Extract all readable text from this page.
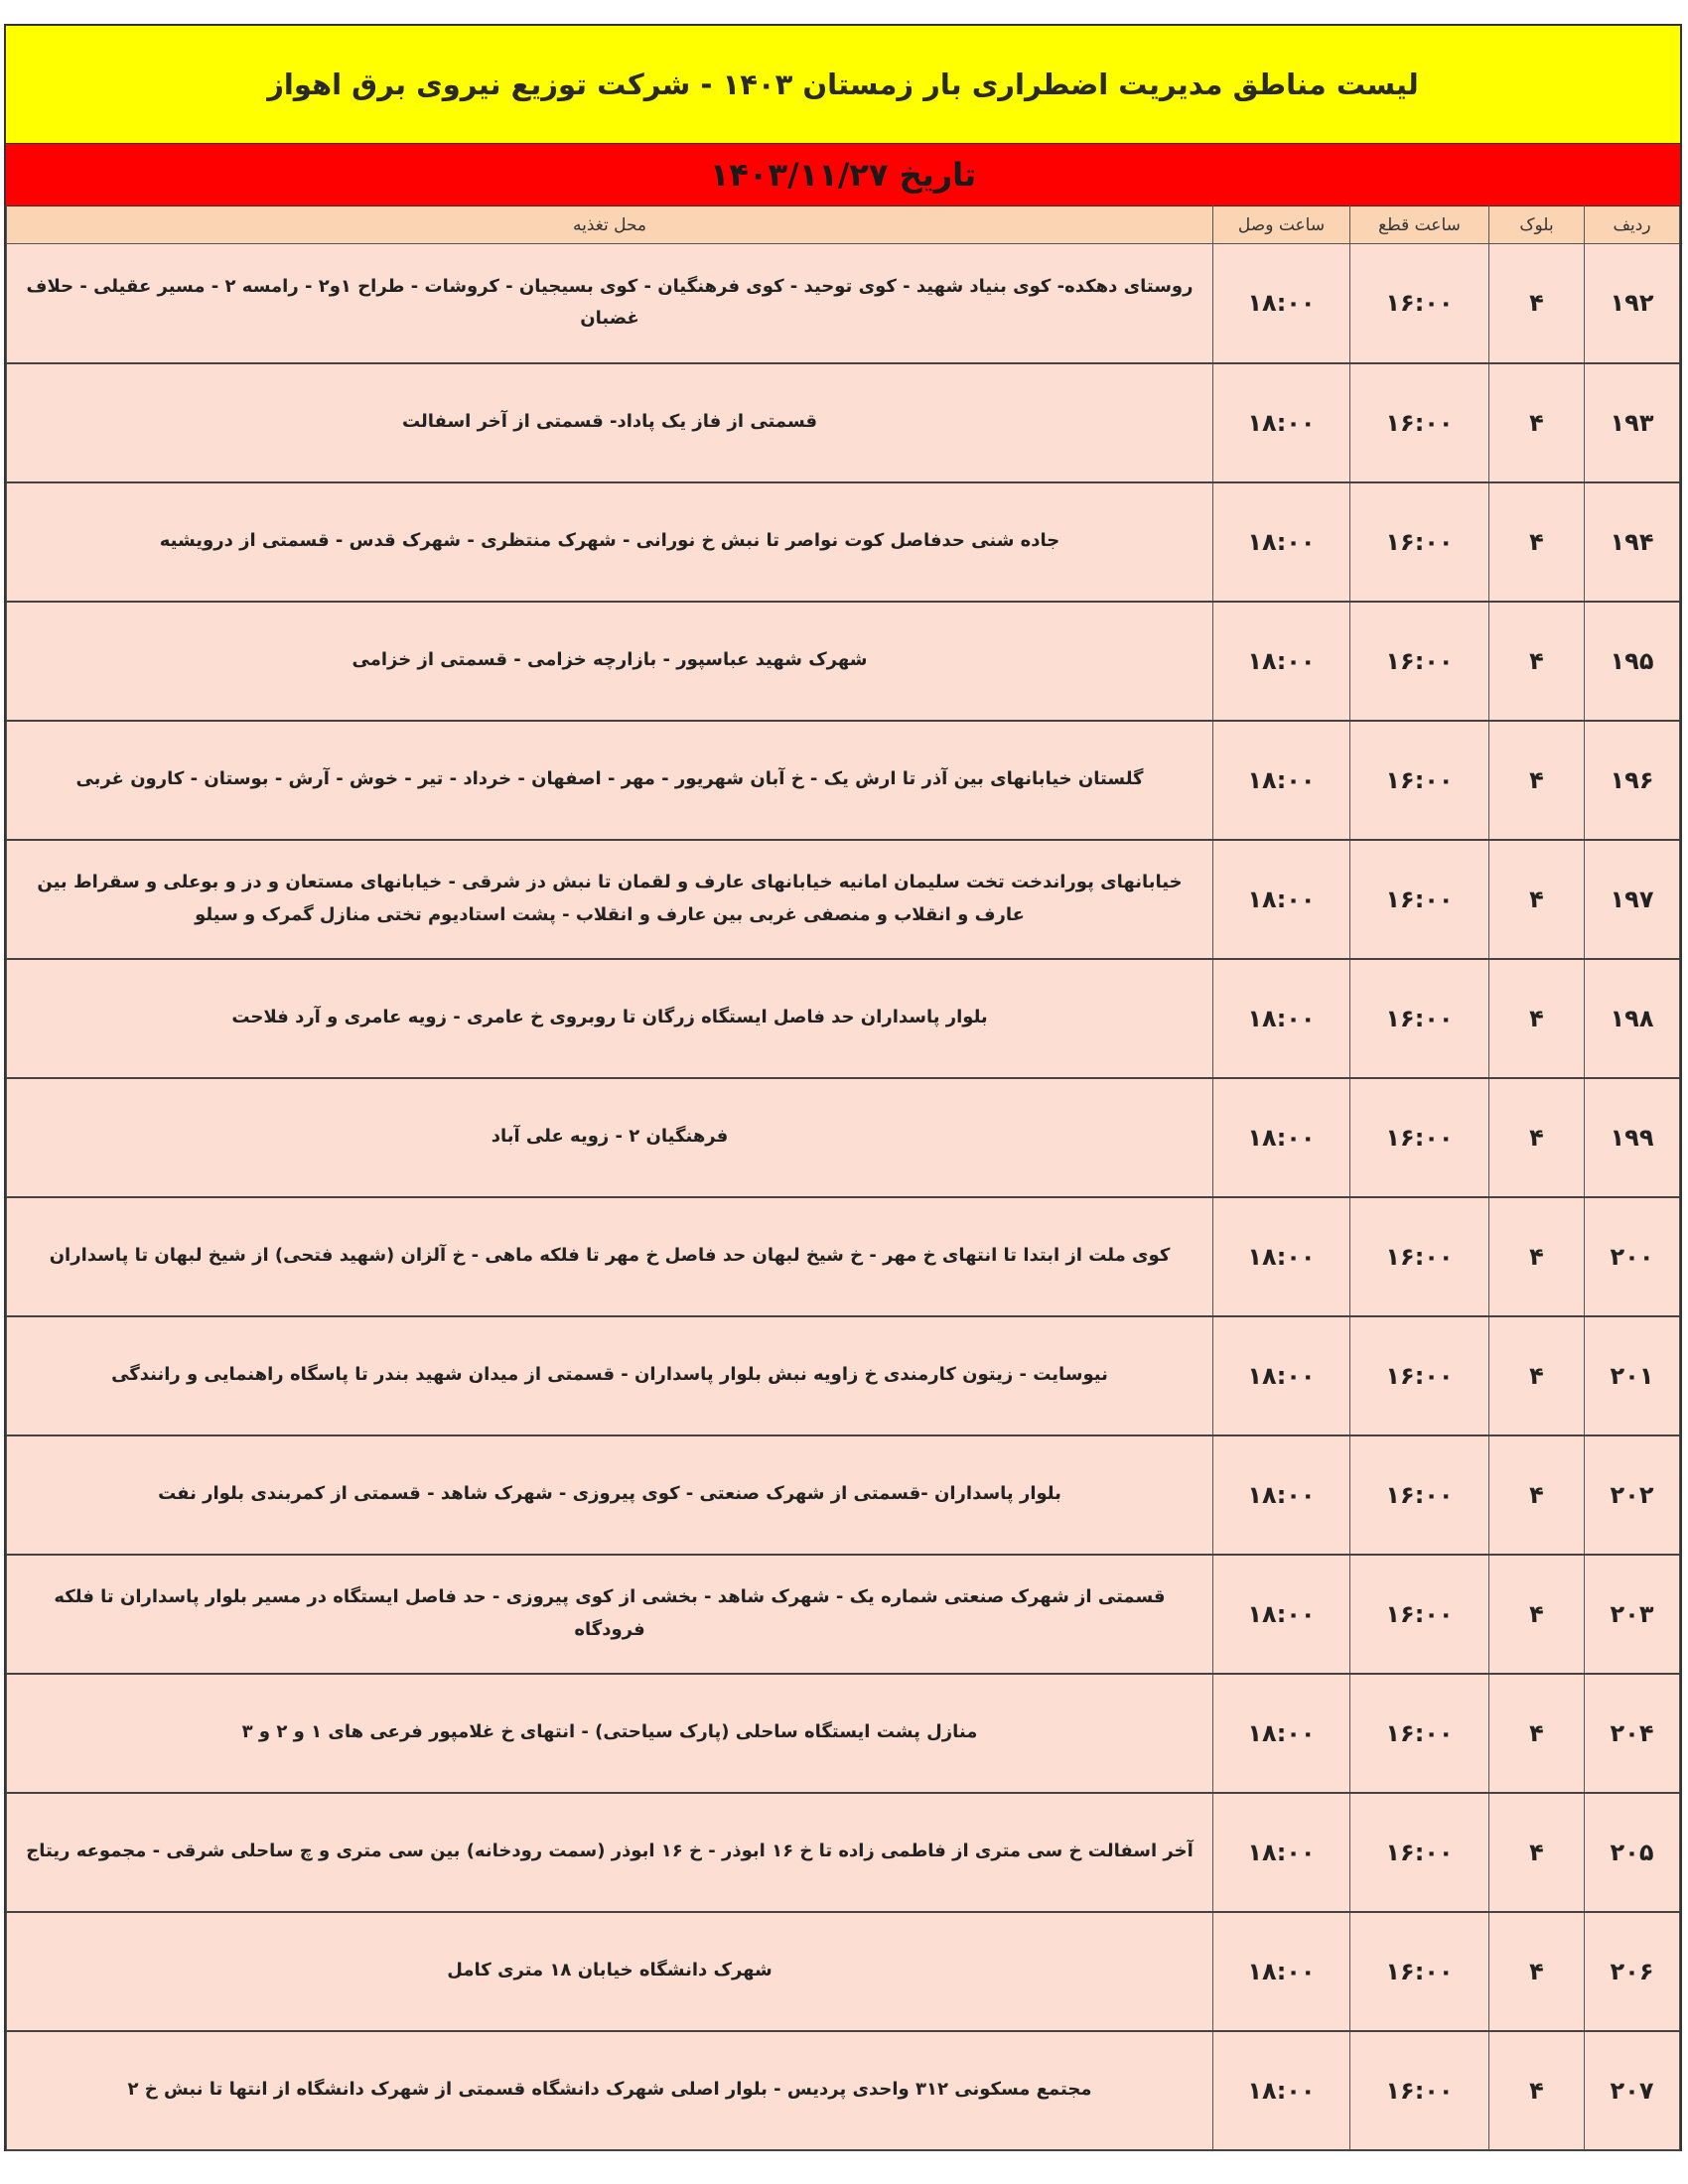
لیست مناطق مدیریت اضطراری بار زمستان ۱۴۰۳ - شرکت توزیع نیروی برق اهواز
تاریخ ۱۴۰۳/۱۱/۲۷
ردیف	بلوک	ساعت قطع	ساعت وصل	محل تغذیه
۱۹۲	۴	۱۶:۰۰	۱۸:۰۰	روستای دهکده- کوی بنیاد شهید - کوی توحید - کوی فرهنگیان - کوی بسیجیان - کروشات - طراح ۱و۲ - رامسه ۲ - مسیر عقیلی - حلاف غضبان
۱۹۳	۴	۱۶:۰۰	۱۸:۰۰	قسمتی از فاز یک پاداد- قسمتی از آخر اسفالت
۱۹۴	۴	۱۶:۰۰	۱۸:۰۰	جاده شنی حدفاصل کوت نواصر تا نبش خ نورانی - شهرک منتظری - شهرک قدس - قسمتی از درویشیه
۱۹۵	۴	۱۶:۰۰	۱۸:۰۰	شهرک شهید عباسپور - بازارچه خزامی - قسمتی از خزامی
۱۹۶	۴	۱۶:۰۰	۱۸:۰۰	گلستان خیابانهای بین آذر تا ارش یک - خ آبان شهریور - مهر - اصفهان - خرداد - تیر - خوش - آرش - بوستان - کارون غربی
۱۹۷	۴	۱۶:۰۰	۱۸:۰۰	خیابانهای پوراندخت تخت سلیمان امانیه خیابانهای عارف و لقمان تا نبش دز شرقی - خیابانهای مستعان و دز و بوعلی و سقراط بین عارف و انقلاب و منصفی غربی بین عارف و انقلاب - پشت استادیوم تختی منازل گمرک و سیلو
۱۹۸	۴	۱۶:۰۰	۱۸:۰۰	بلوار پاسداران حد فاصل ایستگاه زرگان تا روبروی خ عامری - زویه عامری و آرد فلاحت
۱۹۹	۴	۱۶:۰۰	۱۸:۰۰	فرهنگیان ۲ - زویه علی آباد
۲۰۰	۴	۱۶:۰۰	۱۸:۰۰	کوی ملت از ابتدا تا انتهای خ مهر - خ شیخ لبهان حد فاصل خ مهر تا فلکه ماهی - خ آلزان (شهید فتحی) از شیخ لبهان تا پاسداران
۲۰۱	۴	۱۶:۰۰	۱۸:۰۰	نیوسایت - زیتون کارمندی خ زاویه نبش بلوار پاسداران - قسمتی از میدان شهید بندر تا پاسگاه راهنمایی و رانندگی
۲۰۲	۴	۱۶:۰۰	۱۸:۰۰	بلوار پاسداران -قسمتی از شهرک صنعتی - کوی پیروزی - شهرک شاهد - قسمتی از کمربندی بلوار نفت
۲۰۳	۴	۱۶:۰۰	۱۸:۰۰	قسمتی از شهرک صنعتی شماره یک - شهرک شاهد - بخشی از کوی پیروزی - حد فاصل ایستگاه در مسیر بلوار پاسداران تا فلکه فرودگاه
۲۰۴	۴	۱۶:۰۰	۱۸:۰۰	منازل پشت ایستگاه ساحلی (پارک سیاحتی) - انتهای خ غلامپور فرعی های ۱ و ۲ و ۳
۲۰۵	۴	۱۶:۰۰	۱۸:۰۰	آخر اسفالت خ سی متری از فاطمی زاده تا خ ۱۶ ابوذر - خ ۱۶ ابوذر (سمت رودخانه) بین سی متری و چ ساحلی شرقی - مجموعه ریتاج
۲۰۶	۴	۱۶:۰۰	۱۸:۰۰	شهرک دانشگاه خیابان ۱۸ متری کامل
۲۰۷	۴	۱۶:۰۰	۱۸:۰۰	مجتمع مسکونی ۳۱۲ واحدی پردیس - بلوار اصلی شهرک دانشگاه قسمتی از شهرک دانشگاه از انتها تا نبش خ ۲
